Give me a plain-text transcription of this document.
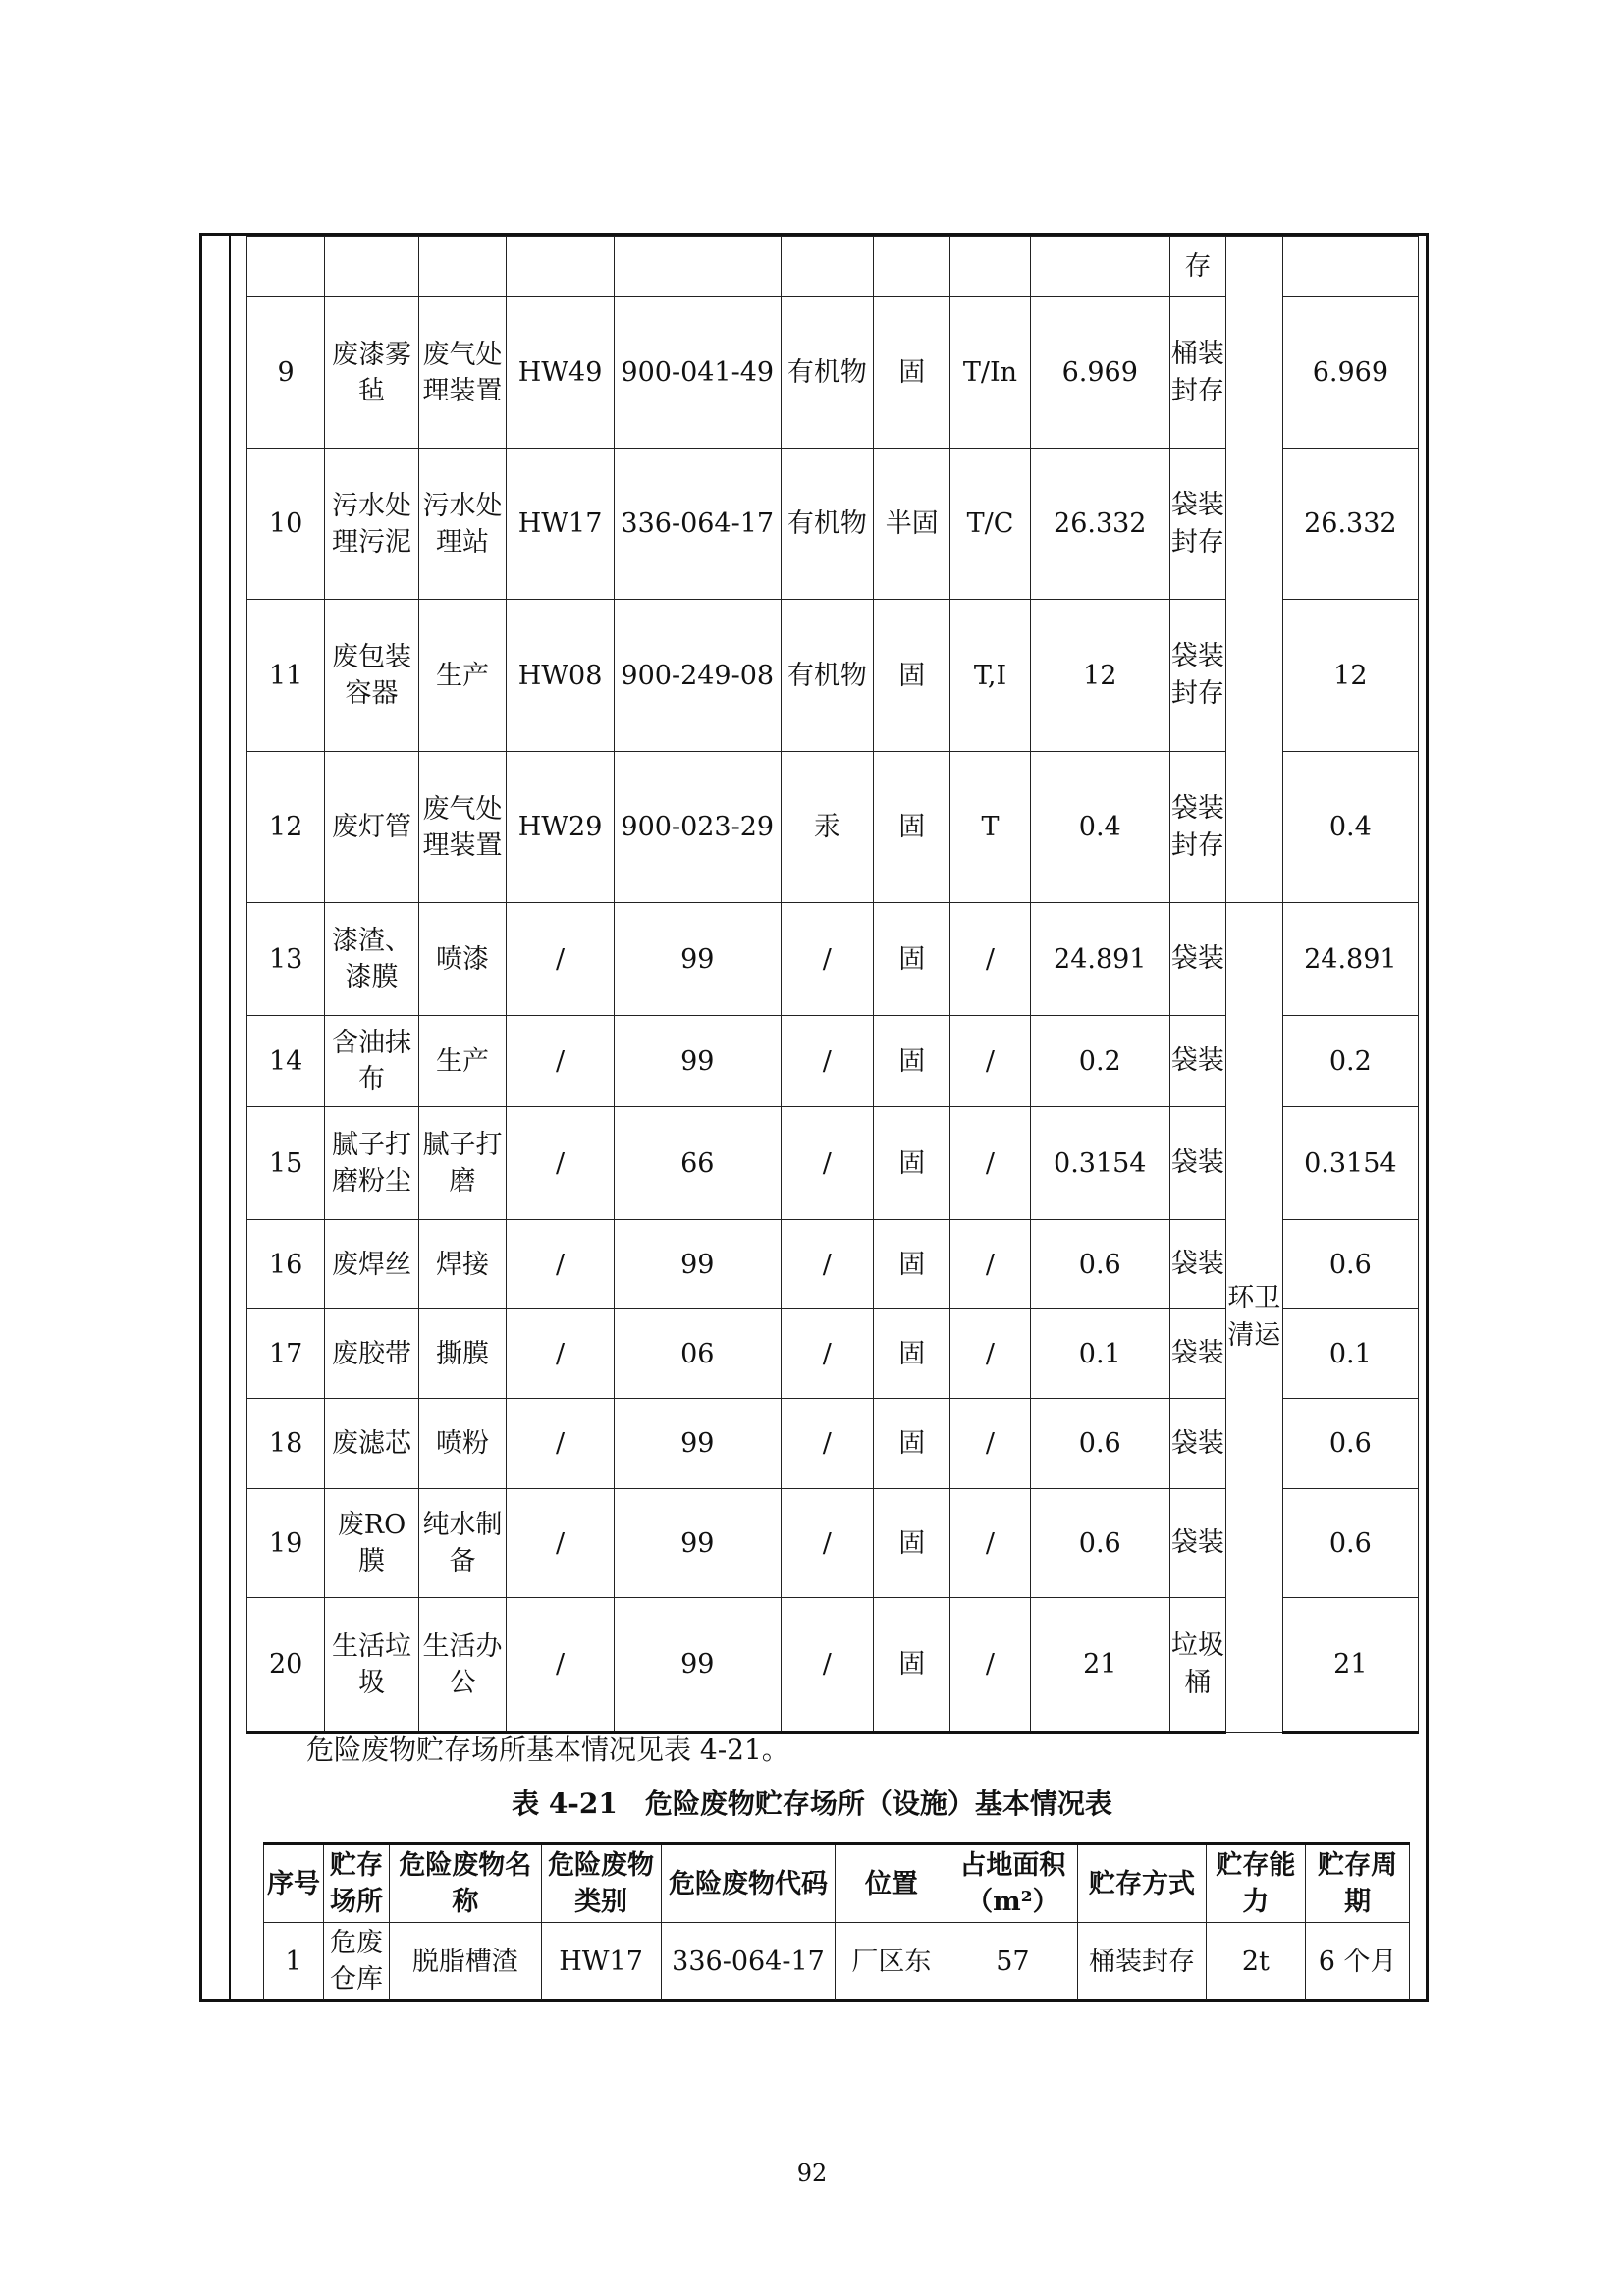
									存		
9	废漆雾毡	废气处理装置	HW49	900-041-49	有机物	固	T/In	6.969	桶装封存		6.969
10	污水处理污泥	污水处理站	HW17	336-064-17	有机物	半固	T/C	26.332	袋装封存		26.332
11	废包装容器	生产	HW08	900-249-08	有机物	固	T,I	12	袋装封存		12
12	废灯管	废气处理装置	HW29	900-023-29	汞	固	T	0.4	袋装封存		0.4
13	漆渣、漆膜	喷漆	/	99	/	固	/	24.891	袋装	环卫清运	24.891
14	含油抹布	生产	/	99	/	固	/	0.2	袋装		0.2
15	腻子打磨粉尘	腻子打磨	/	66	/	固	/	0.3154	袋装		0.3154
16	废焊丝	焊接	/	99	/	固	/	0.6	袋装		0.6
17	废胶带	撕膜	/	06	/	固	/	0.1	袋装		0.1
18	废滤芯	喷粉	/	99	/	固	/	0.6	袋装		0.6
19	废RO膜	纯水制备	/	99	/	固	/	0.6	袋装		0.6
20	生活垃圾	生活办公	/	99	/	固	/	21	垃圾桶		21
危险废物贮存场所基本情况见表 4-21。
表 4-21　危险废物贮存场所（设施）基本情况表
序号	贮存场所	危险废物名称	危险废物类别	危险废物代码	位置	占地面积（m²）	贮存方式	贮存能力	贮存周期
1	危废仓库	脱脂槽渣	HW17	336-064-17	厂区东	57	桶装封存	2t	6 个月
92
